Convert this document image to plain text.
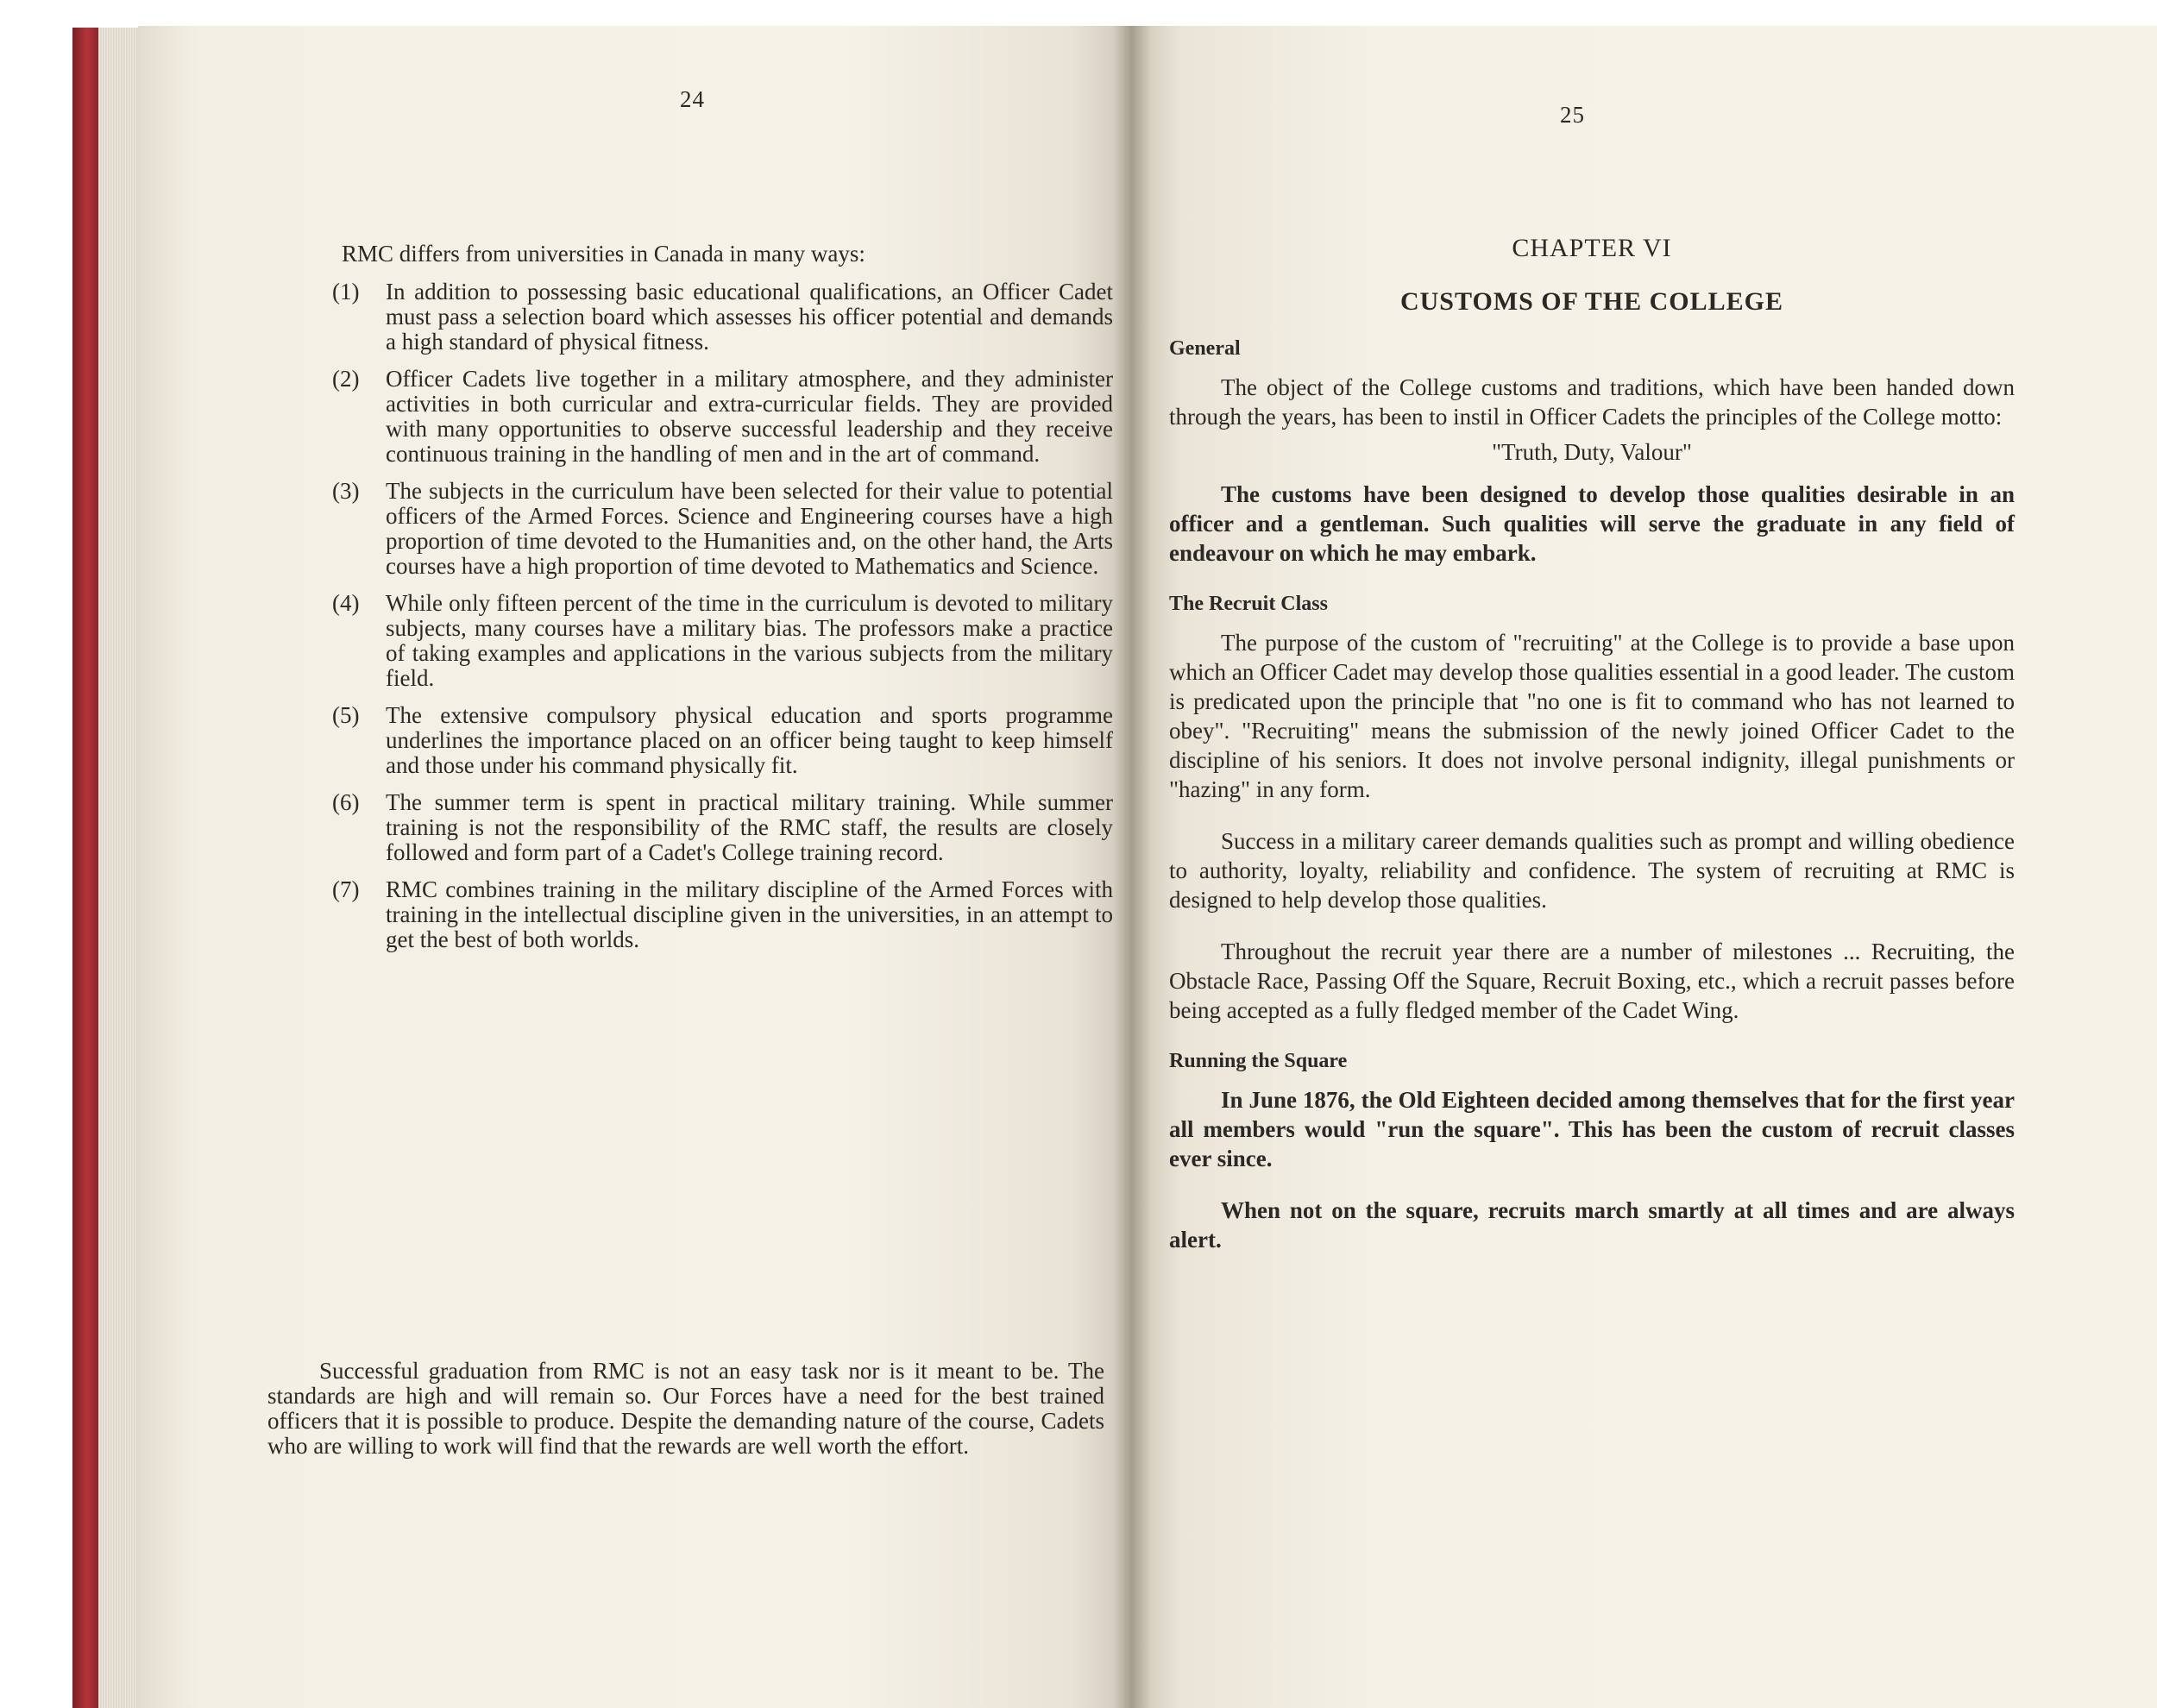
24

RMC differs from universities in Canada in many ways:

(1) In addition to possessing basic educational qualifications, an Officer Cadet must pass a selection board which assesses his officer potential and demands a high standard of physical fitness.
(2) Officer Cadets live together in a military atmosphere, and they administer activities in both curricular and extra-curricular fields. They are provided with many opportunities to observe successful leadership and they receive continuous training in the handling of men and in the art of command.
(3) The subjects in the curriculum have been selected for their value to potential officers of the Armed Forces. Science and Engineering courses have a high proportion of time devoted to the Humanities and, on the other hand, the Arts courses have a high proportion of time devoted to Mathematics and Science.
(4) While only fifteen percent of the time in the curriculum is devoted to military subjects, many courses have a military bias. The professors make a practice of taking examples and applications in the various subjects from the military field.
(5) The extensive compulsory physical education and sports programme underlines the importance placed on an officer being taught to keep himself and those under his command physically fit.
(6) The summer term is spent in practical military training. While summer training is not the responsibility of the RMC staff, the results are closely followed and form part of a Cadet's College training record.
(7) RMC combines training in the military discipline of the Armed Forces with training in the intellectual discipline given in the universities, in an attempt to get the best of both worlds.

Successful graduation from RMC is not an easy task nor is it meant to be. The standards are high and will remain so. Our Forces have a need for the best trained officers that it is possible to produce. Despite the demanding nature of the course, Cadets who are willing to work will find that the rewards are well worth the effort.

25
CHAPTER VI
CUSTOMS OF THE COLLEGE
General

The object of the College customs and traditions, which have been handed down through the years, has been to instil in Officer Cadets the principles of the College motto:

"Truth, Duty, Valour"

The customs have been designed to develop those qualities desirable in an officer and a gentleman. Such qualities will serve the graduate in any field of endeavour on which he may embark.

The Recruit Class

The purpose of the custom of "recruiting" at the College is to provide a base upon which an Officer Cadet may develop those qualities essential in a good leader. The custom is predicated upon the principle that "no one is fit to command who has not learned to obey". "Recruiting" means the submission of the newly joined Officer Cadet to the discipline of his seniors. It does not involve personal indignity, illegal punishments or "hazing" in any form.

Success in a military career demands qualities such as prompt and willing obedience to authority, loyalty, reliability and confidence. The system of recruiting at RMC is designed to help develop those qualities.

Throughout the recruit year there are a number of milestones ... Recruiting, the Obstacle Race, Passing Off the Square, Recruit Boxing, etc., which a recruit passes before being accepted as a fully fledged member of the Cadet Wing.

Running the Square

In June 1876, the Old Eighteen decided among themselves that for the first year all members would "run the square". This has been the custom of recruit classes ever since.

When not on the square, recruits march smartly at all times and are always alert.
